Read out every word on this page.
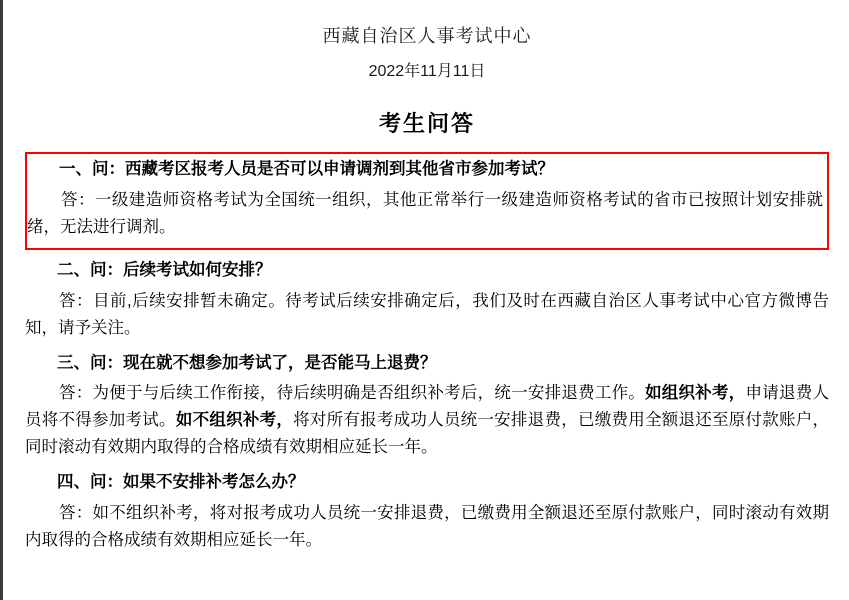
西藏自治区人事考试中心
2022年11月11日
考生问答

一、问：西藏考区报考人员是否可以申请调剂到其他省市参加考试？

答：一级建造师资格考试为全国统一组织，其他正常举行一级建造师资格考试的省市已按照计划安排就绪，无法进行调剂。

二、问：后续考试如何安排？

答：目前,后续安排暂未确定。待考试后续安排确定后，我们及时在西藏自治区人事考试中心官方微博告知，请予关注。

三、问：现在就不想参加考试了，是否能马上退费？

答：为便于与后续工作衔接，待后续明确是否组织补考后，统一安排退费工作。如组织补考，申请退费人员将不得参加考试。如不组织补考，将对所有报考成功人员统一安排退费，已缴费用全额退还至原付款账户，同时滚动有效期内取得的合格成绩有效期相应延长一年。

四、问：如果不安排补考怎么办？

答：如不组织补考，将对报考成功人员统一安排退费，已缴费用全额退还至原付款账户，同时滚动有效期内取得的合格成绩有效期相应延长一年。
